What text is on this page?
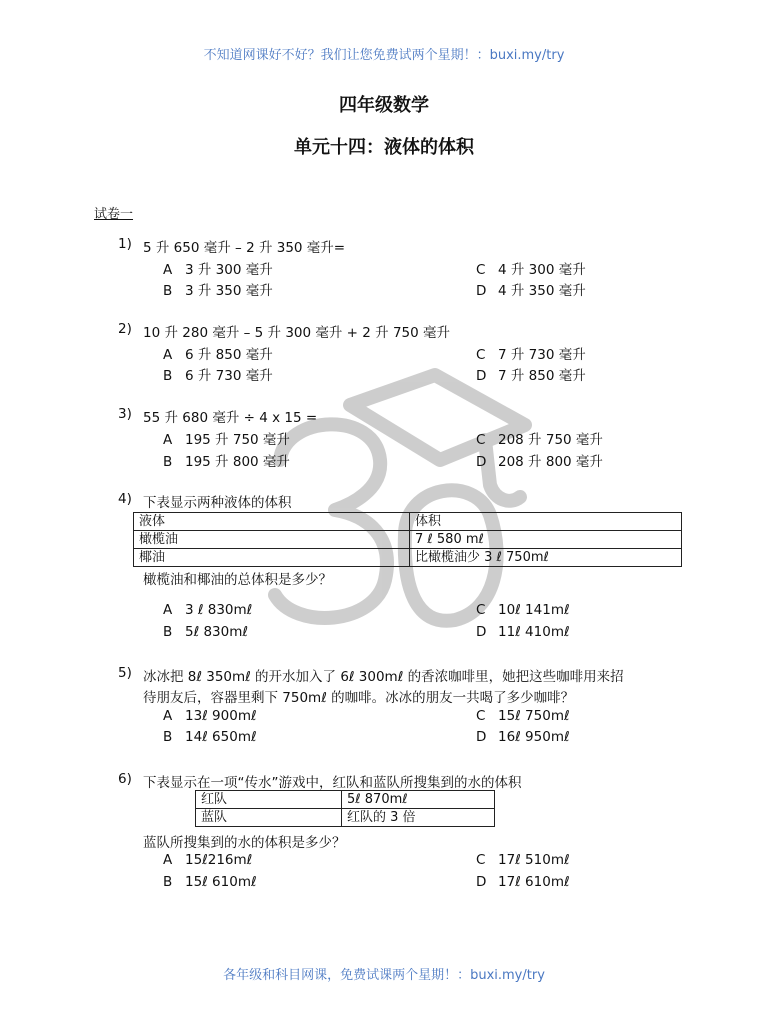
不知道网课好不好？我们让您免费试两个星期！：buxi.my/try
四年级数学
单元十四：液体的体积
试卷一
1) 5 升 650 毫升 – 2 升 350 毫升=
A 3 升 300 毫升	C 4 升 300 毫升
B 3 升 350 毫升	D 4 升 350 毫升
2) 10 升 280 毫升 – 5 升 300 毫升 + 2 升 750 毫升
A 6 升 850 毫升	C 7 升 730 毫升
B 6 升 730 毫升	D 7 升 850 毫升
3) 55 升 680 毫升 ÷ 4 x 15 =
A 195 升 750 毫升	C 208 升 750 毫升
B 195 升 800 毫升	D 208 升 800 毫升
4) 下表显示两种液体的体积
液体	体积
橄榄油	7 ℓ 580 mℓ
椰油	比橄榄油少 3 ℓ 750mℓ
橄榄油和椰油的总体积是多少？
A 3 ℓ 830mℓ	C 10ℓ 141mℓ
B 5ℓ 830mℓ	D 11ℓ 410mℓ
5) 冰冰把 8ℓ 350mℓ 的开水加入了 6ℓ 300mℓ 的香浓咖啡里，她把这些咖啡用来招
待朋友后，容器里剩下 750mℓ 的咖啡。冰冰的朋友一共喝了多少咖啡？
A 13ℓ 900mℓ	C 15ℓ 750mℓ
B 14ℓ 650mℓ	D 16ℓ 950mℓ
6) 下表显示在一项“传水”游戏中，红队和蓝队所搜集到的水的体积
红队	5ℓ 870mℓ
蓝队	红队的 3 倍
蓝队所搜集到的水的体积是多少？
A 15ℓ216mℓ	C 17ℓ 510mℓ
B 15ℓ 610mℓ	D 17ℓ 610mℓ
各年级和科目网课，免费试课两个星期！：buxi.my/try
